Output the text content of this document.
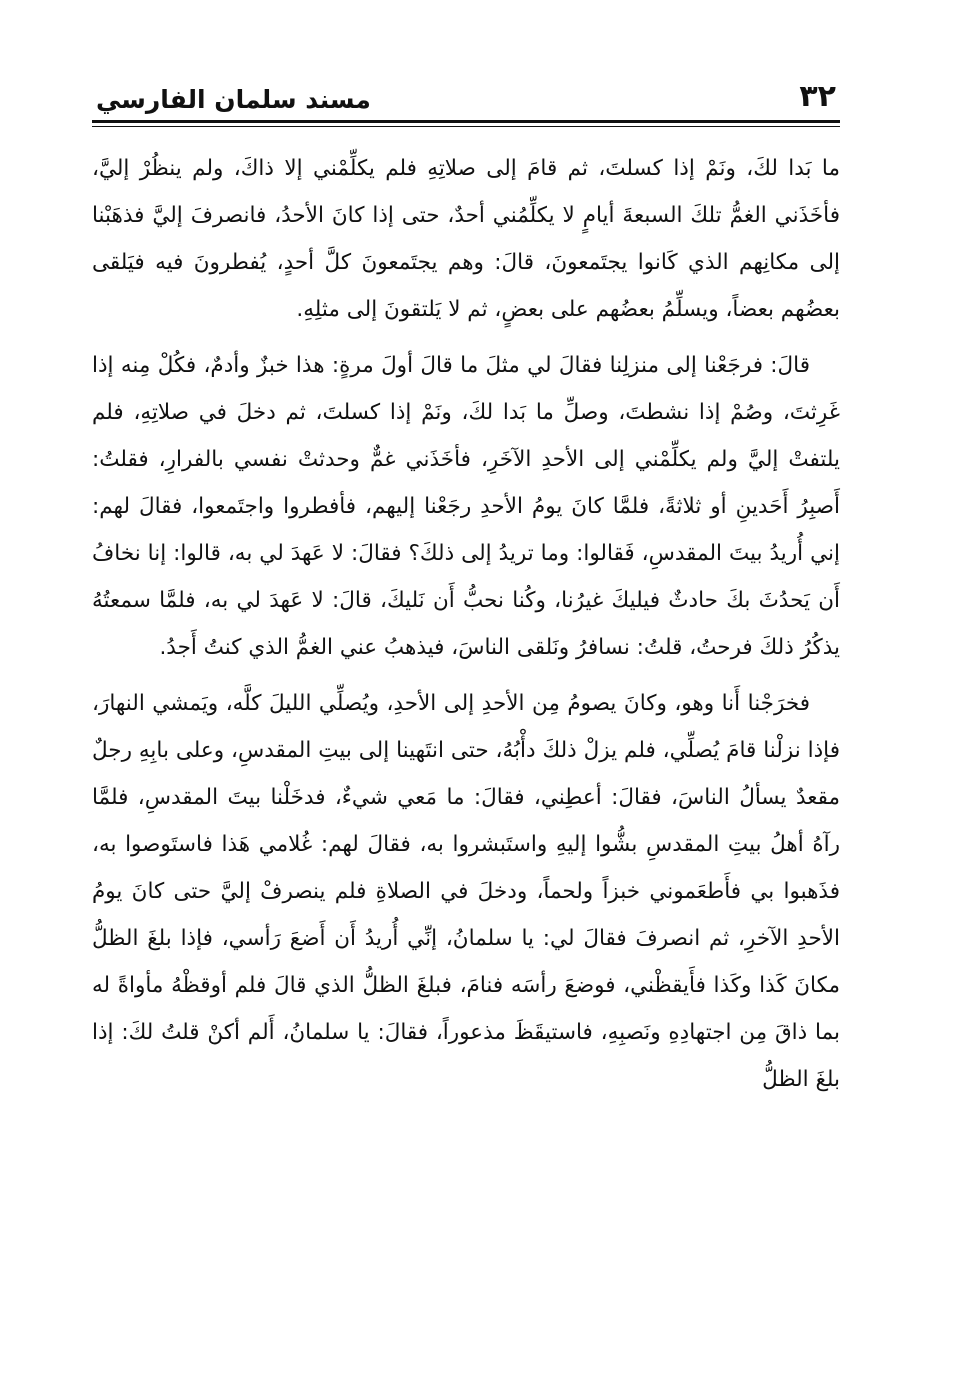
٣٢
مسند سلمان الفارسي

ما بَدا لكَ، ونَمْ إذا كسلتَ، ثم قامَ إلى صلاتِهِ فلم يكلِّمْني إلا ذاكَ، ولم ينظُرْ إليَّ، فأخَذَني الغمُّ تلكَ السبعةَ أيامٍ لا يكلِّمُني أحدٌ، حتى إذا كانَ الأحدُ، فانصرفَ إليَّ فذهَبْنا إلى مكانِهم الذي كَانوا يجتَمعونَ، قالَ: وهم يجتَمعونَ كلَّ أحدٍ، يُفطرونَ فيه فيَلقى بعضُهم بعضاً، ويسلِّمُ بعضُهم على بعضٍ، ثم لا يَلتقونَ إلى مثلِهِ.

قالَ: فرجَعْنا إلى منزلِنا فقالَ لي مثلَ ما قالَ أولَ مرةٍ: هذا خبزٌ وأدمٌ، فكُلْ مِنه إذا غَرِثتَ، وصُمْ إذا نشطتَ، وصلِّ ما بَدا لكَ، ونَمْ إذا كسلتَ، ثم دخلَ في صلاتِهِ، فلم يلتفتْ إليَّ ولم يكلِّمْني إلى الأحدِ الآخَرِ، فأخَذَني غمٌّ وحدثتْ نفسي بالفرارِ، فقلتُ: أَصبِرُ أَحَدينِ أو ثلاثةً، فلمَّا كانَ يومُ الأحدِ رجَعْنا إليهم، فأفطروا واجتَمعوا، فقالَ لهم: إني أُريدُ بيتَ المقدسِ، فَقالوا: وما تريدُ إلى ذلكَ؟ فقالَ: لا عَهدَ لي به، قالوا: إنا نخافُ أَن يَحدُثَ بكَ حادثٌ فيليكَ غيرُنا، وكُنا نحبُّ أَن نَليكَ، قالَ: لا عَهدَ لي به، فلمَّا سمعتُهُ يذكُرُ ذلكَ فرحتُ، قلتُ: نسافرُ ونَلقى الناسَ، فيذهبُ عني الغمُّ الذي كنتُ أَجدُ.

فخرَجْنا أَنا وهو، وكانَ يصومُ مِن الأحدِ إلى الأحدِ، ويُصلِّي الليلَ كلَّه، ويَمشي النهارَ، فإذا نزلْنا قامَ يُصلِّي، فلم يزلْ ذلكَ دأْبُهُ، حتى انتَهينا إلى بيتِ المقدسِ، وعلى بابِهِ رجلٌ مقعدٌ يسألُ الناسَ، فقالَ: أعطِني، فقالَ: ما مَعي شيءٌ، فدخَلْنا بيتَ المقدسِ، فلمَّا رآهُ أهلُ بيتِ المقدسِ بشُّوا إليهِ واستَبشروا به، فقالَ لهم: غُلامي هَذا فاستَوصوا به، فذَهبوا بي فأَطعَموني خبزاً ولحماً، ودخلَ في الصلاةِ فلم ينصرفْ إليَّ حتى كانَ يومُ الأحدِ الآخرِ، ثم انصرفَ فقالَ لي: يا سلمانُ، إنِّي أُريدُ أَن أَضعَ رَأسي، فإذا بلغَ الظلُّ مكانَ كَذا وكَذا فأَيقظْني، فوضعَ رأسَه فنامَ، فبلغَ الظلُّ الذي قالَ فلم أوقظْهُ مأواةً له بما ذاقَ مِن اجتهادِهِ ونَصبِهِ، فاستيقَظَ مذعوراً، فقالَ: يا سلمانُ، أَلم أكنْ قلتُ لكَ: إذا بلغَ الظلُّ
